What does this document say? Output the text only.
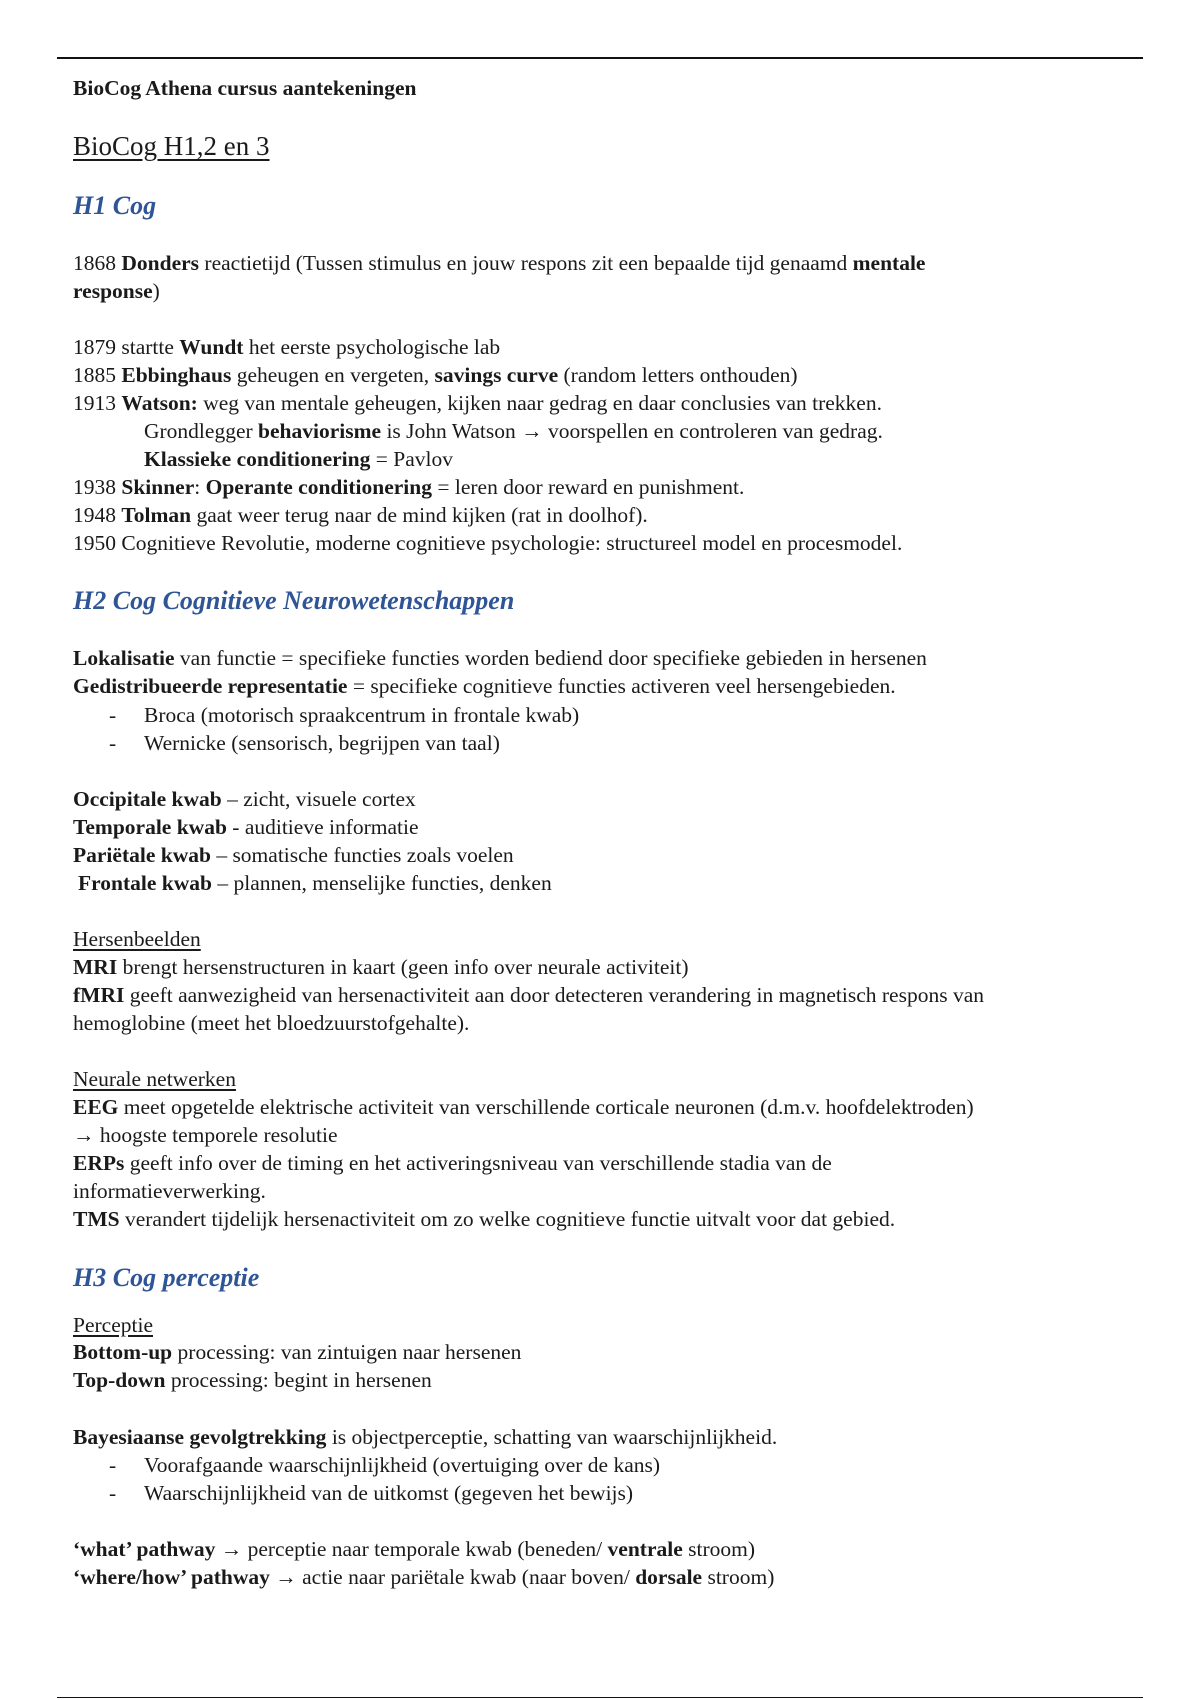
BioCog Athena cursus aantekeningen
BioCog H1,2 en 3
H1 Cog
1868 Donders reactietijd (Tussen stimulus en jouw respons zit een bepaalde tijd genaamd mentale
response)
1879 startte Wundt het eerste psychologische lab
1885 Ebbinghaus geheugen en vergeten, savings curve (random letters onthouden)
1913 Watson: weg van mentale geheugen, kijken naar gedrag en daar conclusies van trekken.
Grondlegger behaviorisme is John Watson → voorspellen en controleren van gedrag.
Klassieke conditionering = Pavlov
1938 Skinner: Operante conditionering = leren door reward en punishment.
1948 Tolman gaat weer terug naar de mind kijken (rat in doolhof).
1950 Cognitieve Revolutie, moderne cognitieve psychologie: structureel model en procesmodel.
H2 Cog Cognitieve Neurowetenschappen
Lokalisatie van functie = specifieke functies worden bediend door specifieke gebieden in hersenen
Gedistribueerde representatie = specifieke cognitieve functies activeren veel hersengebieden.
- Broca (motorisch spraakcentrum in frontale kwab)
- Wernicke (sensorisch, begrijpen van taal)
Occipitale kwab – zicht, visuele cortex
Temporale kwab - auditieve informatie
Pariëtale kwab – somatische functies zoals voelen
Frontale kwab – plannen, menselijke functies, denken
Hersenbeelden
MRI brengt hersenstructuren in kaart (geen info over neurale activiteit)
fMRI geeft aanwezigheid van hersenactiviteit aan door detecteren verandering in magnetisch respons van
hemoglobine (meet het bloedzuurstofgehalte).
Neurale netwerken
EEG meet opgetelde elektrische activiteit van verschillende corticale neuronen (d.m.v. hoofdelektroden)
→ hoogste temporele resolutie
ERPs geeft info over de timing en het activeringsniveau van verschillende stadia van de
informatieverwerking.
TMS verandert tijdelijk hersenactiviteit om zo welke cognitieve functie uitvalt voor dat gebied.
H3 Cog perceptie
Perceptie
Bottom-up processing: van zintuigen naar hersenen
Top-down processing: begint in hersenen
Bayesiaanse gevolgtrekking is objectperceptie, schatting van waarschijnlijkheid.
- Voorafgaande waarschijnlijkheid (overtuiging over de kans)
- Waarschijnlijkheid van de uitkomst (gegeven het bewijs)
‘what’ pathway → perceptie naar temporale kwab (beneden/ ventrale stroom)
‘where/how’ pathway → actie naar pariëtale kwab (naar boven/ dorsale stroom)
